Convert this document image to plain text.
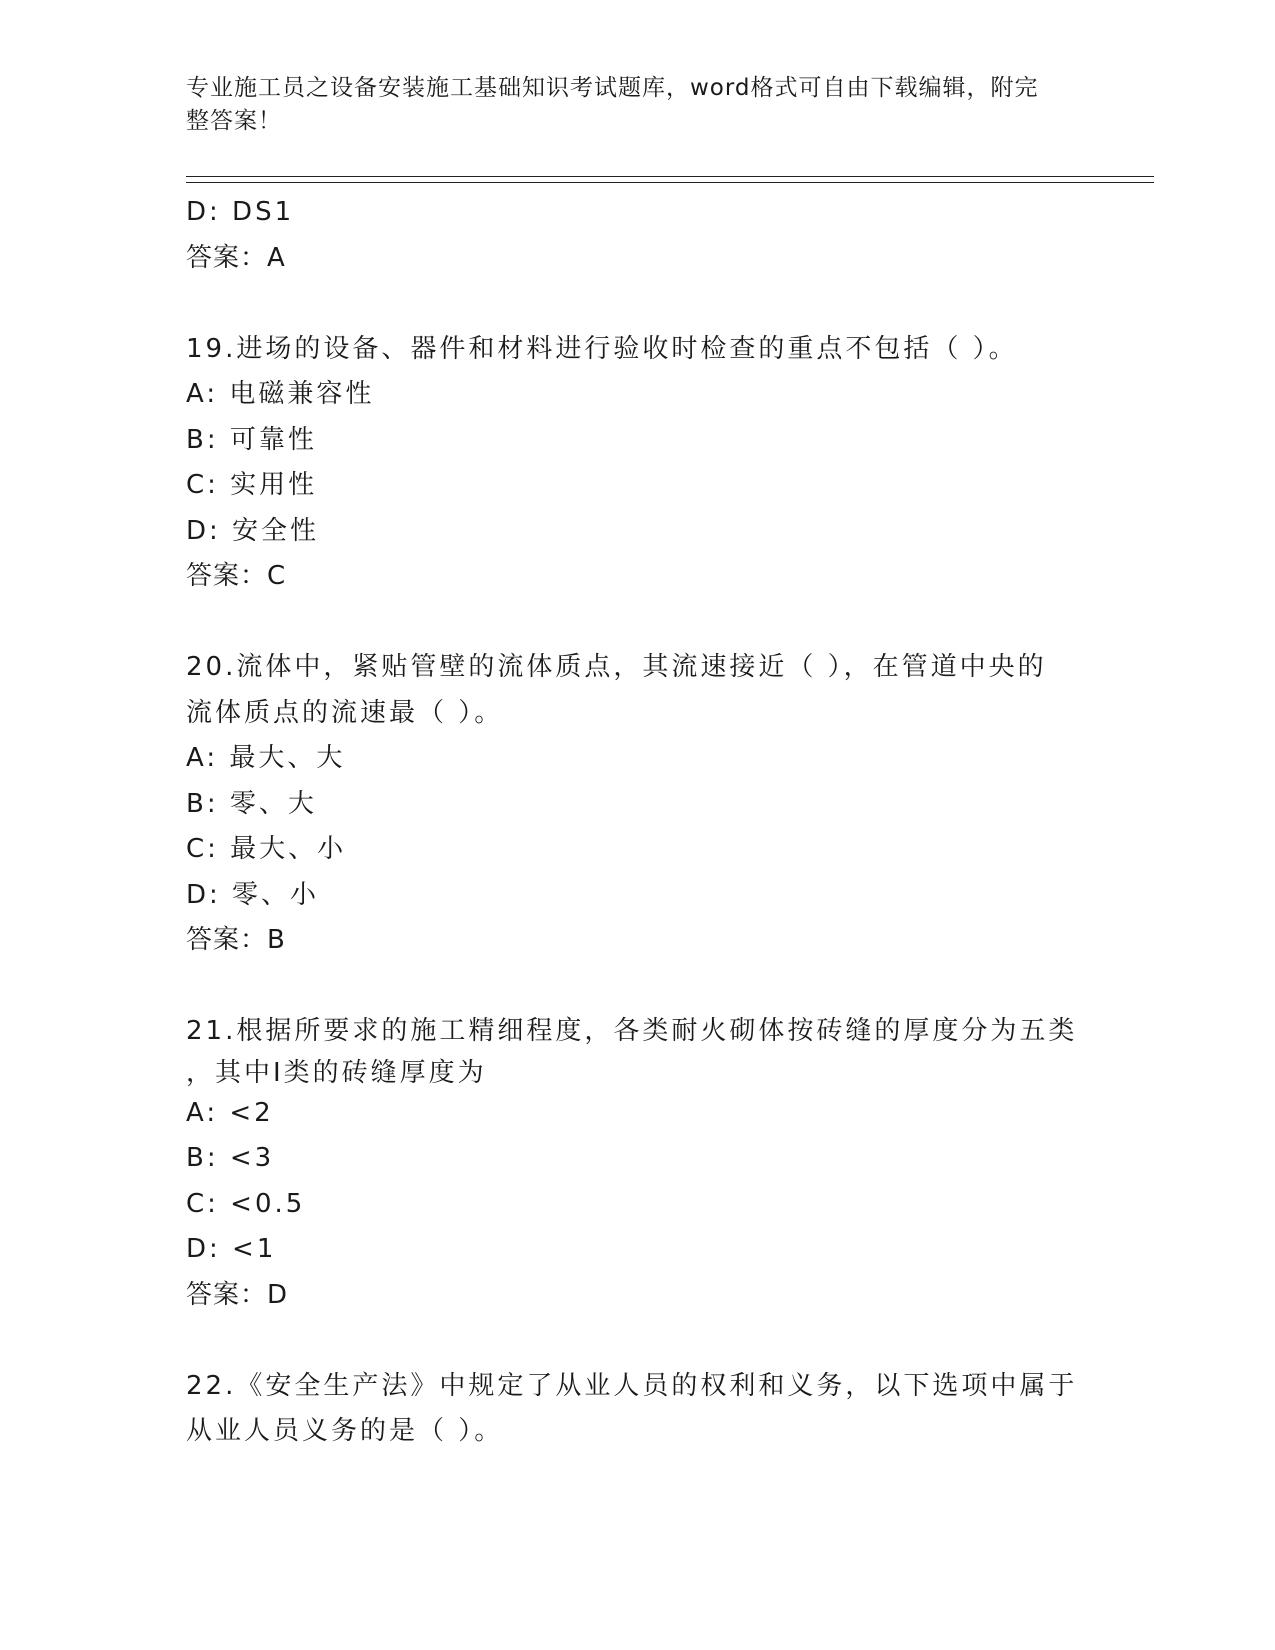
专业施工员之设备安装施工基础知识考试题库，word格式可自由下载编辑，附完
整答案！
D: DS1
答案：A
19.进场的设备、器件和材料进行验收时检查的重点不包括（ ）。
A: 电磁兼容性
B: 可靠性
C: 实用性
D: 安全性
答案：C
20.流体中，紧贴管壁的流体质点，其流速接近（ ），在管道中央的
流体质点的流速最（ ）。
A: 最大、大
B: 零、大
C: 最大、小
D: 零、小
答案：B
21.根据所要求的施工精细程度，各类耐火砌体按砖缝的厚度分为五类
，其中Ⅰ类的砖缝厚度为
A: <2
B: <3
C: <0.5
D: <1
答案：D
22.《安全生产法》中规定了从业人员的权利和义务，以下选项中属于
从业人员义务的是（ ）。
